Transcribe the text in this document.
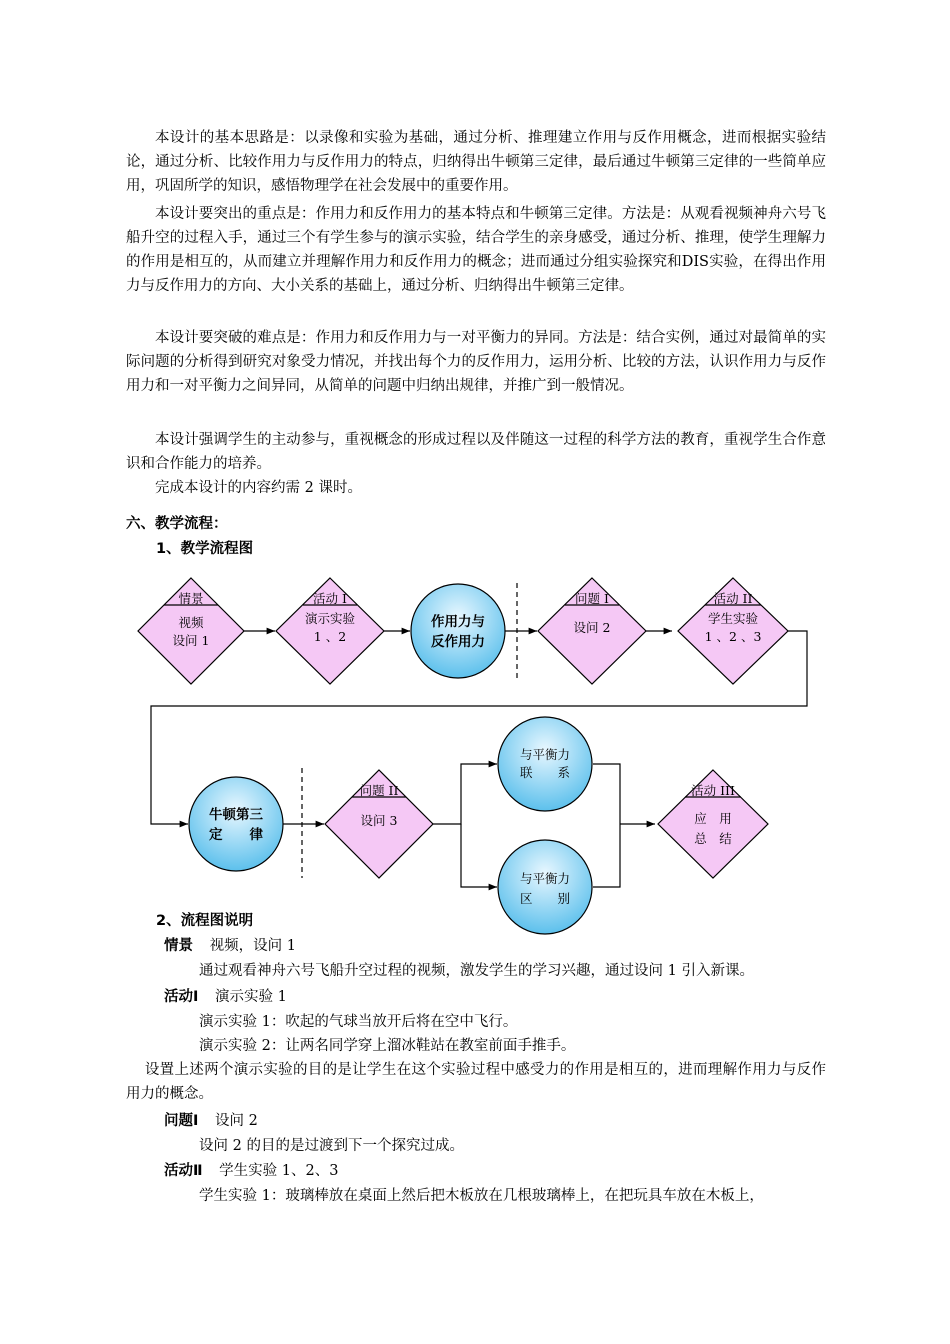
本设计的基本思路是：以录像和实验为基础，通过分析、推理建立作用与反作用概念，进而根据实验结论，通过分析、比较作用力与反作用力的特点，归纳得出牛顿第三定律，最后通过牛顿第三定律的一些简单应用，巩固所学的知识，感悟物理学在社会发展中的重要作用。

本设计要突出的重点是：作用力和反作用力的基本特点和牛顿第三定律。方法是：从观看视频神舟六号飞船升空的过程入手，通过三个有学生参与的演示实验，结合学生的亲身感受，通过分析、推理，使学生理解力的作用是相互的，从而建立并理解作用力和反作用力的概念；进而通过分组实验探究和DIS实验，在得出作用力与反作用力的方向、大小关系的基础上，通过分析、归纳得出牛顿第三定律。

本设计要突破的难点是：作用力和反作用力与一对平衡力的异同。方法是：结合实例，通过对最简单的实际问题的分析得到研究对象受力情况，并找出每个力的反作用力，运用分析、比较的方法，认识作用力与反作用力和一对平衡力之间异同，从简单的问题中归纳出规律，并推广到一般情况。

本设计强调学生的主动参与，重视概念的形成过程以及伴随这一过程的科学方法的教育，重视学生合作意识和合作能力的培养。

完成本设计的内容约需 2 课时。

六、教学流程：

1、教学流程图

情景
视频
设问 1
活动 I
演示实验
1 、2
问题 I
设问 2
活动 II
学生实验
1 、2 、3
问题 II
设问 3
活动 III
应　用
总　结
作用力与
反作用力
牛顿第三
定　　律
与平衡力
联　　系
与平衡力
区　　别

2、流程图说明

情景 视频，设问 1

通过观看神舟六号飞船升空过程的视频，激发学生的学习兴趣，通过设问 1 引入新课。

活动Ⅰ 演示实验 1

演示实验 1：吹起的气球当放开后将在空中飞行。

演示实验 2：让两名同学穿上溜冰鞋站在教室前面手推手。

设置上述两个演示实验的目的是让学生在这个实验过程中感受力的作用是相互的，进而理解作用力与反作用力的概念。

问题Ⅰ 设问 2

设问 2 的目的是过渡到下一个探究过成。

活动Ⅱ 学生实验 1、2、3

学生实验 1：玻璃棒放在桌面上然后把木板放在几根玻璃棒上，在把玩具车放在木板上，
